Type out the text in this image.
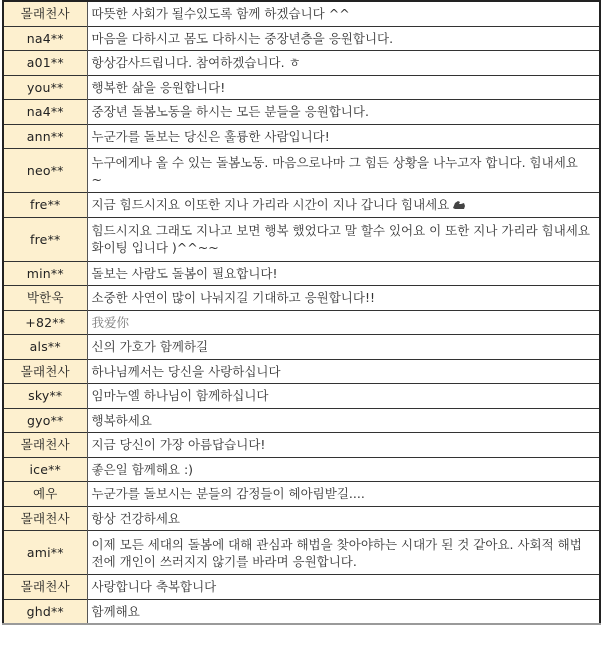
몰래천사	따뜻한 사회가 될수있도록 함께 하겠습니다 ^^
na4**	마음을 다하시고 몸도 다하시는 중장년층을 응원합니다.
a01**	항상감사드립니다. 참여하겠습니다. ㅎ
you**	행복한 삶을 응원합니다!
na4**	중장년 돌봄노동을 하시는 모든 분들을 응원합니다.
ann**	누군가를 돌보는 당신은 훌륭한 사람입니다!
neo**	누구에게나 올 수 있는 돌봄노동. 마음으로나마 그 힘든 상황을 나누고자 합니다. 힘내세요 ~
fre**	지금 힘드시지요 이또한 지나 가리라 시간이 지나 갑니다 힘내세요
fre**	힘드시지요 그래도 지나고 보면 행복 했었다고 말 할수 있어요 이 또한 지나 가리라 힘내세요 화이팅 입니다 )^^~~
min**	돌보는 사람도 돌봄이 필요합니다!
박한욱	소중한 사연이 많이 나눠지길 기대하고 응원합니다!!
+82**	我爱你
als**	신의 가호가 함께하길
몰래천사	하나님께서는 당신을 사랑하십니다
sky**	임마누엘 하나님이 함께하십니다
gyo**	행복하세요
몰래천사	지금 당신이 가장 아름답습니다!
ice**	좋은일 함께해요 :)
예우	누군가를 돌보시는 분들의 감정들이 헤아림받길....
몰래천사	항상 건강하세요
ami**	이제 모든 세대의 돌봄에 대해 관심과 해법을 찾아야하는 시대가 된 것 같아요. 사회적 해법전에 개인이 쓰러지지 않기를 바라며 응원합니다.
몰래천사	사랑합니다 축복합니다
ghd**	함께해요
